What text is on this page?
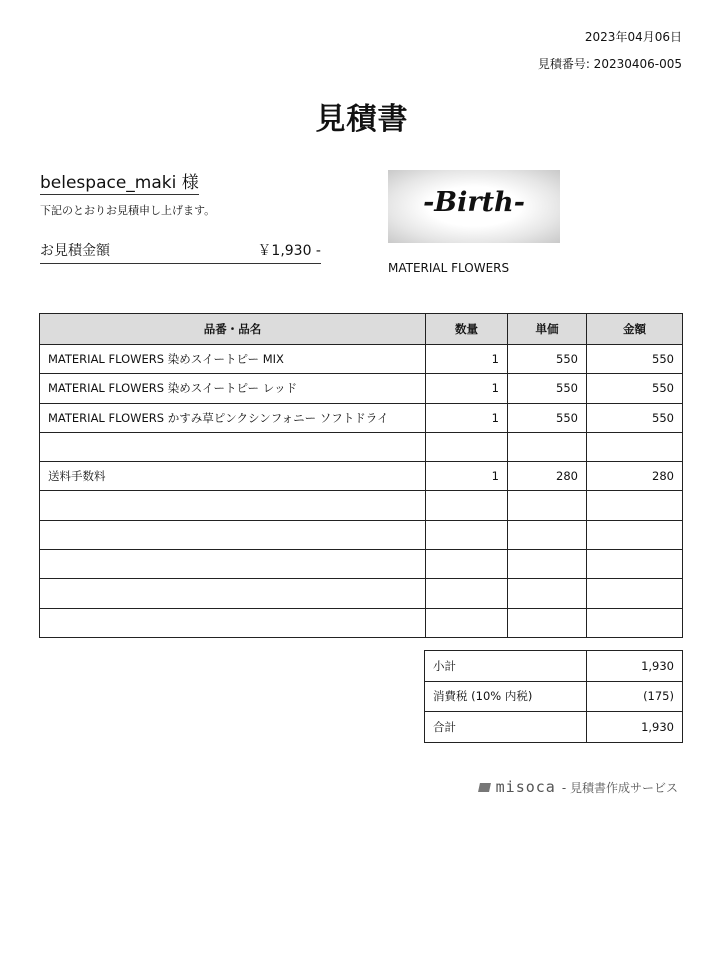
2023年04月06日
見積番号: 20230406-005
見積書
belespace_maki 様
下記のとおりお見積申し上げます。
お見積金額	￥1,930 -
-Birth-
MATERIAL FLOWERS
品番・品名	数量	単価	金額
MATERIAL FLOWERS 染めスイートピー MIX	1	550	550
MATERIAL FLOWERS 染めスイートピー レッド	1	550	550
MATERIAL FLOWERS かすみ草ピンクシンフォニー ソフトドライ	1	550	550

送料手数料	1	280	280

小計	1,930
消費税 (10% 内税)	(175)
合計	1,930
misoca - 見積書作成サービス
